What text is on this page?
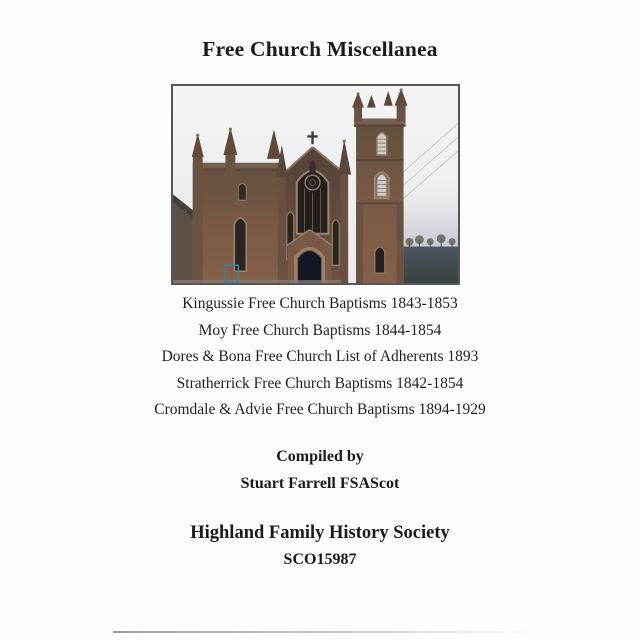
Free Church Miscellanea
Kingussie Free Church Baptisms 1843-1853
Moy Free Church Baptisms 1844-1854
Dores & Bona Free Church List of Adherents 1893
Stratherrick Free Church Baptisms 1842-1854
Cromdale & Advie Free Church Baptisms 1894-1929
Compiled by
Stuart Farrell FSAScot
Highland Family History Society
SCO15987
